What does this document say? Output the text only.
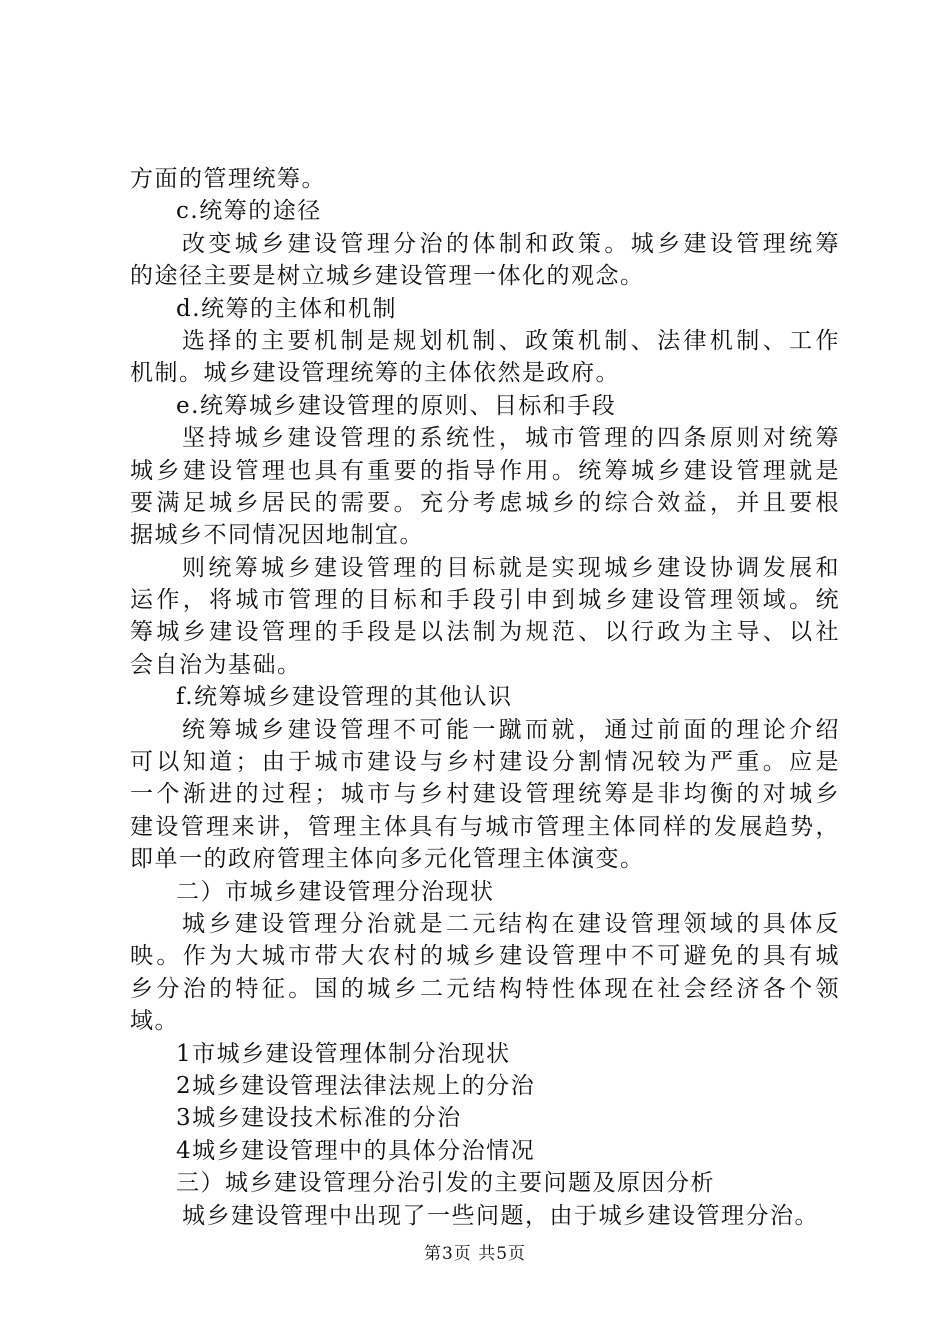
方面的管理统筹。
c.统筹的途径
改变城乡建设管理分治的体制和政策。城乡建设管理统筹
的途径主要是树立城乡建设管理一体化的观念。
d.统筹的主体和机制
选择的主要机制是规划机制、政策机制、法律机制、工作
机制。城乡建设管理统筹的主体依然是政府。
e.统筹城乡建设管理的原则、目标和手段
坚持城乡建设管理的系统性，城市管理的四条原则对统筹
城乡建设管理也具有重要的指导作用。统筹城乡建设管理就是
要满足城乡居民的需要。充分考虑城乡的综合效益，并且要根
据城乡不同情况因地制宜。
则统筹城乡建设管理的目标就是实现城乡建设协调发展和
运作，将城市管理的目标和手段引申到城乡建设管理领域。统
筹城乡建设管理的手段是以法制为规范、以行政为主导、以社
会自治为基础。
f.统筹城乡建设管理的其他认识
统筹城乡建设管理不可能一蹴而就，通过前面的理论介绍
可以知道；由于城市建设与乡村建设分割情况较为严重。应是
一个渐进的过程；城市与乡村建设管理统筹是非均衡的对城乡
建设管理来讲，管理主体具有与城市管理主体同样的发展趋势，
即单一的政府管理主体向多元化管理主体演变。
二）市城乡建设管理分治现状
城乡建设管理分治就是二元结构在建设管理领域的具体反
映。作为大城市带大农村的城乡建设管理中不可避免的具有城
乡分治的特征。国的城乡二元结构特性体现在社会经济各个领
域。
1市城乡建设管理体制分治现状
2城乡建设管理法律法规上的分治
3城乡建设技术标准的分治
4城乡建设管理中的具体分治情况
三）城乡建设管理分治引发的主要问题及原因分析
城乡建设管理中出现了一些问题，由于城乡建设管理分治。
第3页 共5页
